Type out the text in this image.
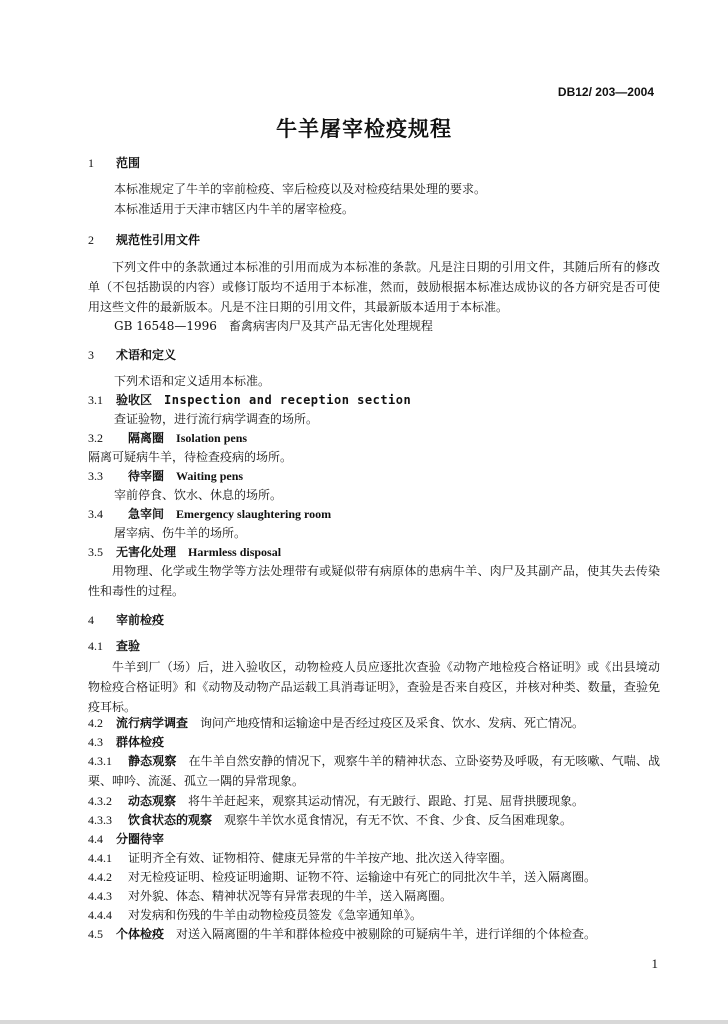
DB12/ 203—2004
牛羊屠宰检疫规程
1 范围
本标准规定了牛羊的宰前检疫、宰后检疫以及对检疫结果处理的要求。
本标准适用于天津市辖区内牛羊的屠宰检疫。
2 规范性引用文件
下列文件中的条款通过本标准的引用而成为本标准的条款。凡是注日期的引用文件，其随后所有的修改单（不包括勘误的内容）或修订版均不适用于本标准，然而，鼓励根据本标准达成协议的各方研究是否可使用这些文件的最新版本。凡是不注日期的引用文件，其最新版本适用于本标准。
GB 16548—1996　畜禽病害肉尸及其产品无害化处理规程
3 术语和定义
下列术语和定义适用本标准。
3.1 验收区　 Inspection and reception section
查证验物，进行流行病学调查的场所。
3.2　 隔离圈　 Isolation pens
隔离可疑病牛羊，待检查疫病的场所。
3.3　 待宰圈　 Waiting pens
宰前停食、饮水、休息的场所。
3.4　 急宰间　 Emergency slaughtering room
屠宰病、伤牛羊的场所。
3.5 无害化处理　 Harmless disposal
用物理、化学或生物学等方法处理带有或疑似带有病原体的患病牛羊、肉尸及其副产品，使其失去传染性和毒性的过程。
4 宰前检疫
4.1 查验
牛羊到厂（场）后，进入验收区，动物检疫人员应逐批次查验《动物产地检疫合格证明》或《出县境动物检疫合格证明》和《动物及动物产品运载工具消毒证明》，查验是否来自疫区，并核对种类、数量，查验免疫耳标。
4.2 流行病学调查　 询问产地疫情和运输途中是否经过疫区及采食、饮水、发病、死亡情况。
4.3 群体检疫
4.3.1 静态观察　 在牛羊自然安静的情况下，观察牛羊的精神状态、立卧姿势及呼吸，有无咳嗽、气喘、战栗、呻吟、流涎、孤立一隅的异常现象。
4.3.2 动态观察　 将牛羊赶起来，观察其运动情况，有无跛行、跟跄、打晃、屈背拱腰现象。
4.3.3 饮食状态的观察　 观察牛羊饮水觅食情况，有无不饮、不食、少食、反刍困难现象。
4.4 分圈待宰
4.4.1 证明齐全有效、证物相符、健康无异常的牛羊按产地、批次送入待宰圈。
4.4.2 对无检疫证明、检疫证明逾期、证物不符、运输途中有死亡的同批次牛羊，送入隔离圈。
4.4.3 对外貌、体态、精神状况等有异常表现的牛羊，送入隔离圈。
4.4.4 对发病和伤残的牛羊由动物检疫员签发《急宰通知单》。
4.5 个体检疫　 对送入隔离圈的牛羊和群体检疫中被剔除的可疑病牛羊，进行详细的个体检查。
1
